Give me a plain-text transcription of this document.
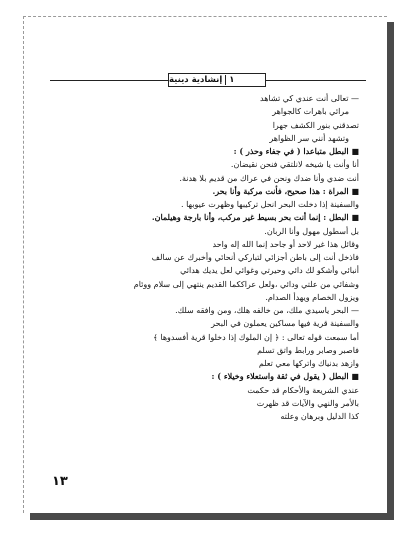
١
إنشادية دينية
— تعالى أنت عندي كي تشاهد
مرائي باهرات كالجواهر
تصدقني بنور الكشف جهرا
وتشهد أنني سر الظواهر
■ البطل متباعدا ( في جفاء وحذر ) :
أنا وأنت يا شيخه لانلتقي فنحن نقيضان.
أنت ضدي وأنا ضدك ونحن في عراك من قديم بلا هدنة.
■ المراة : هذا صحيح، فأنت مركبة وأنا بحر.
والسفينة إذا دخلت البحر انحل تركيبها وظهرت عيوبها .
■ البطل : إنما أنت بحر بسيط غير مركب، وأنا بارجة وهيلمان.
بل أسطول مهول وأنا الربان.
وقائل هذا غير لاحد أو جاحد إنما الله إله واحد
فاذخل أنت إلى باطن أجزائي لتباركي أنحائي وأخبرك عن سالف
أنبائي وأشكو لك دائي وحيرتي وغوائي لعل يديك هدائي
وشفائي من علتي ودائي ،ولعل عراككما القديم ينتهي إلى سلام ووئام
ويزول الخصام ويهدأ الصدام.
— البحر ياسيدي ملك، من خالفه هلك، ومن وافقه سلك.
والسفينة قرية فيها مساكين يعملون في البحر
أما سمعت قوله تعالى : ﴿ إن الملوك إذا دخلوا قرية أفسدوها ﴾
فاصبر وصابر ورابط واتق تسلم
وازهد بدنياك واتركها معي تعلم
■ البطل ( يقول في ثقة واستعلاء وخيلاء ) :
عندي الشريعة والأحكام قد حكمت
بالأمر والنهي والآيات قد ظهرت
كذا الدليل وبرهان وعلته
١٣
